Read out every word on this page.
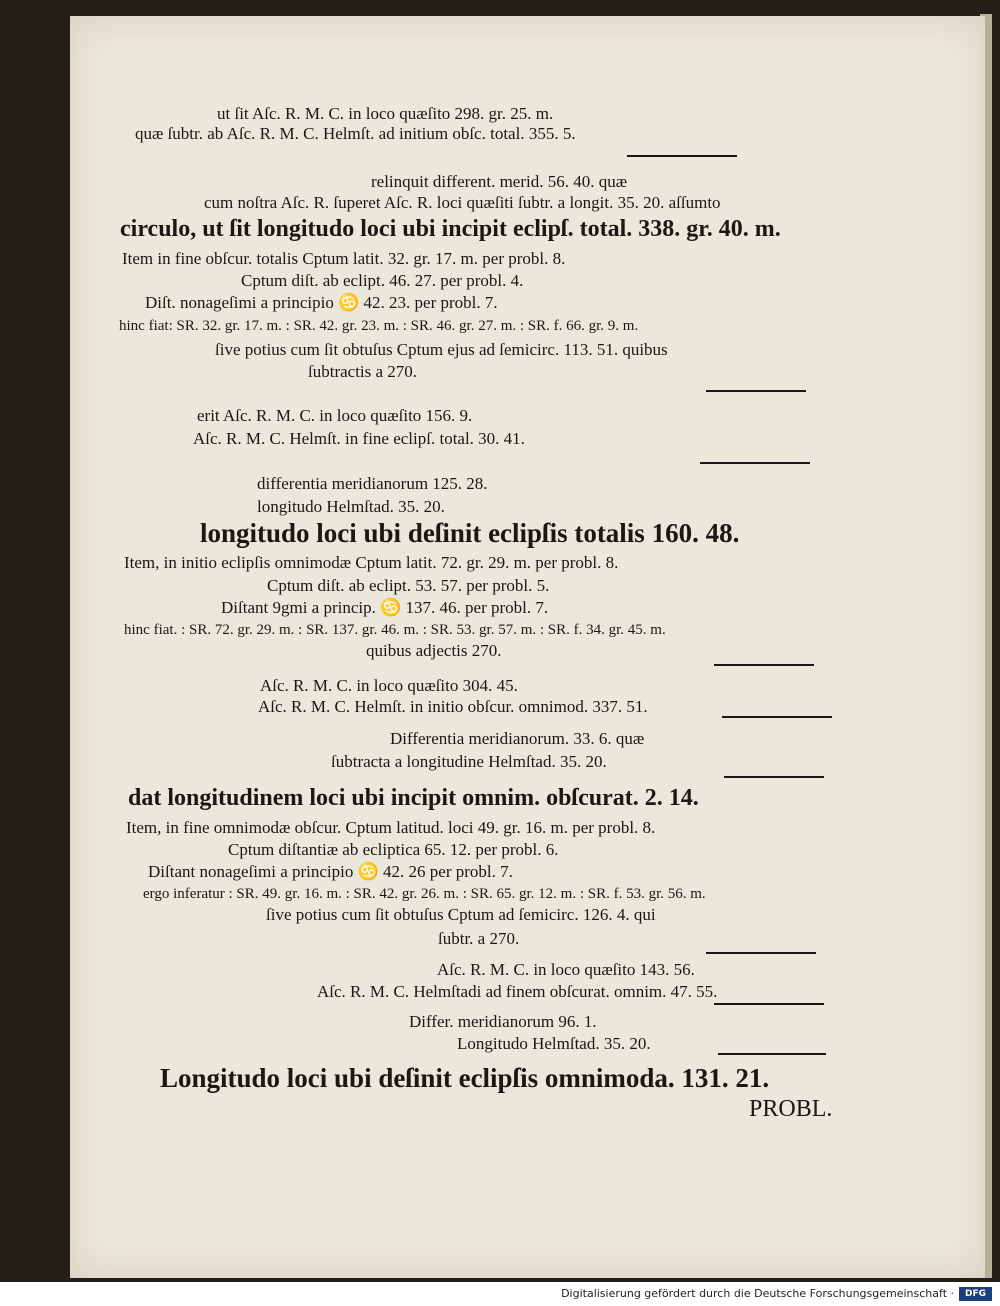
ut ſit Aſc. R. M. C. in loco quæſito 298. gr. 25. m.
quæ ſubtr. ab Aſc. R. M. C. Helmſt. ad initium obſc. total. 355. 5.
relinquit different. merid. 56. 40. quæ
cum noſtra Aſc. R. ſuperet Aſc. R. loci quæſiti ſubtr. a longit. 35. 20. aſſumto
circulo, ut ſit longitudo loci ubi incipit eclipſ. total. 338. gr. 40. m.
Item in fine obſcur. totalis Cptum latit. 32. gr. 17. m. per probl. 8.
Cptum diſt. ab eclipt. 46. 27. per probl. 4.
Diſt. nonageſimi a principio ♋ 42. 23. per probl. 7.
hinc fiat: SR. 32. gr. 17. m. : SR. 42. gr. 23. m. : SR. 46. gr. 27. m. : SR. f. 66. gr. 9. m.
ſive potius cum ſit obtuſus Cptum ejus ad ſemicirc. 113. 51. quibus
ſubtractis a 270.
erit Aſc. R. M. C. in loco quæſito 156. 9.
Aſc. R. M. C. Helmſt. in fine eclipſ. total. 30. 41.
differentia meridianorum 125. 28.
longitudo Helmſtad. 35. 20.
longitudo loci ubi deſinit eclipſis totalis 160. 48.
Item, in initio eclipſis omnimodæ Cptum latit. 72. gr. 29. m. per probl. 8.
Cptum diſt. ab eclipt. 53. 57. per probl. 5.
Diſtant 9gmi a princip. ♋ 137. 46. per probl. 7.
hinc fiat. : SR. 72. gr. 29. m. : SR. 137. gr. 46. m. : SR. 53. gr. 57. m. : SR. f. 34. gr. 45. m.
quibus adjectis 270.
Aſc. R. M. C. in loco quæſito 304. 45.
Aſc. R. M. C. Helmſt. in initio obſcur. omnimod. 337. 51.
Differentia meridianorum. 33. 6. quæ
ſubtracta a longitudine Helmſtad. 35. 20.
dat longitudinem loci ubi incipit omnim. obſcurat. 2. 14.
Item, in fine omnimodæ obſcur. Cptum latitud. loci 49. gr. 16. m. per probl. 8.
Cptum diſtantiæ ab ecliptica 65. 12. per probl. 6.
Diſtant nonageſimi a principio ♋ 42. 26 per probl. 7.
ergo inferatur : SR. 49. gr. 16. m. : SR. 42. gr. 26. m. : SR. 65. gr. 12. m. : SR. f. 53. gr. 56. m.
ſive potius cum ſit obtuſus Cptum ad ſemicirc. 126. 4. qui
ſubtr. a 270.
Aſc. R. M. C. in loco quæſito 143. 56.
Aſc. R. M. C. Helmſtadi ad finem obſcurat. omnim. 47. 55.
Differ. meridianorum 96. 1.
Longitudo Helmſtad. 35. 20.
Longitudo loci ubi deſinit eclipſis omnimoda. 131. 21.
PROBL.
Digitalisierung gefördert durch die Deutsche Forschungsgemeinschaft ·	DFG
